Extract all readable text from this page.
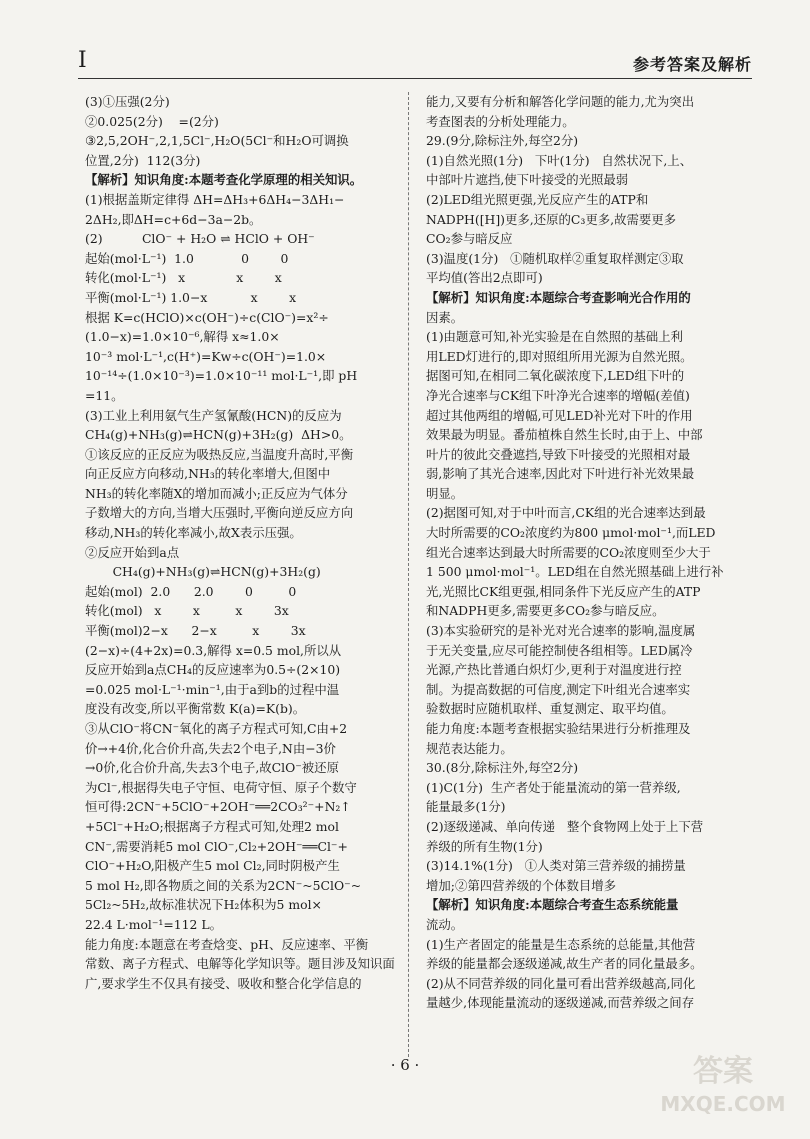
I	参考答案及解析
(3)①压强(2分)
②0.025(2分)    =(2分)
③2,5,2OH⁻,2,1,5Cl⁻,H₂O(5Cl⁻和H₂O可调换
位置,2分)  112(3分)
【解析】知识角度:本题考查化学原理的相关知识。
(1)根据盖斯定律得 ΔH=ΔH₃+6ΔH₄−3ΔH₁−
2ΔH₂,即ΔH=c+6d−3a−2b。
(2)          ClO⁻ + H₂O ⇌ HClO + OH⁻
起始(mol·L⁻¹)  1.0            0        0
转化(mol·L⁻¹)   x             x        x
平衡(mol·L⁻¹) 1.0−x           x        x
根据 K=c(HClO)×c(OH⁻)÷c(ClO⁻)=x²÷
(1.0−x)=1.0×10⁻⁶,解得 x≈1.0×
10⁻³ mol·L⁻¹,c(H⁺)=Kw÷c(OH⁻)=1.0×
10⁻¹⁴÷(1.0×10⁻³)=1.0×10⁻¹¹ mol·L⁻¹,即 pH
=11。
(3)工业上利用氨气生产氢氰酸(HCN)的反应为
CH₄(g)+NH₃(g)⇌HCN(g)+3H₂(g)  ΔH>0。
①该反应的正反应为吸热反应,当温度升高时,平衡
向正反应方向移动,NH₃的转化率增大,但图中
NH₃的转化率随X的增加而减小;正反应为气体分
子数增大的方向,当增大压强时,平衡向逆反应方向
移动,NH₃的转化率减小,故X表示压强。
②反应开始到a点
CH₄(g)+NH₃(g)⇌HCN(g)+3H₂(g)
起始(mol)  2.0      2.0        0         0
转化(mol)   x        x         x        3x
平衡(mol)2−x      2−x         x        3x
(2−x)÷(4+2x)=0.3,解得 x=0.5 mol,所以从
反应开始到a点CH₄的反应速率为0.5÷(2×10)
=0.025 mol·L⁻¹·min⁻¹,由于a到b的过程中温
度没有改变,所以平衡常数 K(a)=K(b)。
③从ClO⁻将CN⁻氧化的离子方程式可知,C由+2
价→+4价,化合价升高,失去2个电子,N由−3价
→0价,化合价升高,失去3个电子,故ClO⁻被还原
为Cl⁻,根据得失电子守恒、电荷守恒、原子个数守
恒可得:2CN⁻+5ClO⁻+2OH⁻══2CO₃²⁻+N₂↑
+5Cl⁻+H₂O;根据离子方程式可知,处理2 mol
CN⁻,需要消耗5 mol ClO⁻,Cl₂+2OH⁻══Cl⁻+
ClO⁻+H₂O,阳极产生5 mol Cl₂,同时阴极产生
5 mol H₂,即各物质之间的关系为2CN⁻~5ClO⁻~
5Cl₂~5H₂,故标准状况下H₂体积为5 mol×
22.4 L·mol⁻¹=112 L。
能力角度:本题意在考查焓变、pH、反应速率、平衡
常数、离子方程式、电解等化学知识等。题目涉及知识面
广,要求学生不仅具有接受、吸收和整合化学信息的
能力,又要有分析和解答化学问题的能力,尤为突出
考查图表的分析处理能力。
29.(9分,除标注外,每空2分)
(1)自然光照(1分)   下叶(1分)   自然状况下,上、
中部叶片遮挡,使下叶接受的光照最弱
(2)LED组光照更强,光反应产生的ATP和
NADPH([H])更多,还原的C₃更多,故需要更多
CO₂参与暗反应
(3)温度(1分)   ①随机取样②重复取样测定③取
平均值(答出2点即可)
【解析】知识角度:本题综合考查影响光合作用的
因素。
(1)由题意可知,补光实验是在自然照的基础上利
用LED灯进行的,即对照组所用光源为自然光照。
据图可知,在相同二氧化碳浓度下,LED组下叶的
净光合速率与CK组下叶净光合速率的增幅(差值)
超过其他两组的增幅,可见LED补光对下叶的作用
效果最为明显。番茄植株自然生长时,由于上、中部
叶片的彼此交叠遮挡,导致下叶接受的光照相对最
弱,影响了其光合速率,因此对下叶进行补光效果最
明显。
(2)据图可知,对于中叶而言,CK组的光合速率达到最
大时所需要的CO₂浓度约为800 μmol·mol⁻¹,而LED
组光合速率达到最大时所需要的CO₂浓度则至少大于
1 500 μmol·mol⁻¹。LED组在自然光照基础上进行补
光,光照比CK组更强,相同条件下光反应产生的ATP
和NADPH更多,需要更多CO₂参与暗反应。
(3)本实验研究的是补光对光合速率的影响,温度属
于无关变量,应尽可能控制使各组相等。LED属冷
光源,产热比普通白炽灯少,更利于对温度进行控
制。为提高数据的可信度,测定下叶组光合速率实
验数据时应随机取样、重复测定、取平均值。
能力角度:本题考查根据实验结果进行分析推理及
规范表达能力。
30.(8分,除标注外,每空2分)
(1)C(1分)  生产者处于能量流动的第一营养级,
能量最多(1分)
(2)逐级递减、单向传递   整个食物网上处于上下营
养级的所有生物(1分)
(3)14.1%(1分)   ①人类对第三营养级的捕捞量
增加;②第四营养级的个体数目增多
【解析】知识角度:本题综合考查生态系统能量
流动。
(1)生产者固定的能量是生态系统的总能量,其他营
养级的能量都会逐级递减,故生产者的同化量最多。
(2)从不同营养级的同化量可看出营养级越高,同化
量越少,体现能量流动的逐级递减,而营养级之间存
· 6 ·	答案
MXQE.COM
